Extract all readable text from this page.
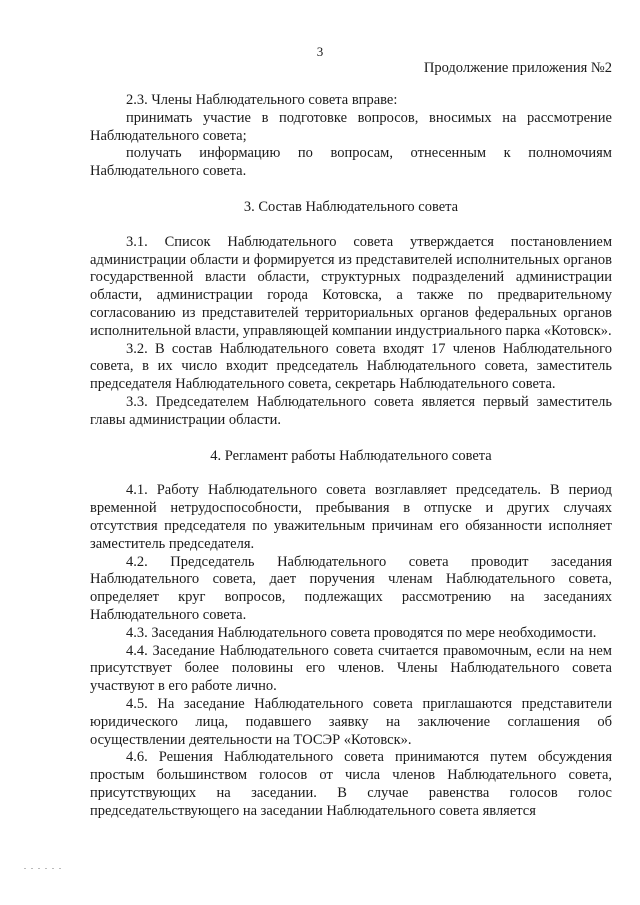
3
Продолжение приложения №2

2.3. Члены Наблюдательного совета вправе:

принимать участие в подготовке вопросов, вносимых на рассмотрение Наблюдательного совета;

получать информацию по вопросам, отнесенным к полномочиям Наблюдательного совета.

3. Состав Наблюдательного совета

3.1. Список Наблюдательного совета утверждается постановлением администрации области и формируется из представителей исполнительных органов государственной власти области, структурных подразделений администрации области, администрации города Котовска, а также по предварительному согласованию из представителей территориальных органов федеральных органов исполнительной власти, управляющей компании индустриального парка «Котовск».

3.2. В состав Наблюдательного совета входят 17 членов Наблюдательного совета, в их число входит председатель Наблюдательного совета, заместитель председателя Наблюдательного совета, секретарь Наблюдательного совета.

3.3. Председателем Наблюдательного совета является первый заместитель главы администрации области.

4. Регламент работы Наблюдательного совета

4.1. Работу Наблюдательного совета возглавляет председатель. В период временной нетрудоспособности, пребывания в отпуске и других случаях отсутствия председателя по уважительным причинам его обязанности исполняет заместитель председателя.

4.2. Председатель Наблюдательного совета проводит заседания Наблюдательного совета, дает поручения членам Наблюдательного совета, определяет круг вопросов, подлежащих рассмотрению на заседаниях Наблюдательного совета.

4.3. Заседания Наблюдательного совета проводятся по мере необходимости.

4.4. Заседание Наблюдательного совета считается правомочным, если на нем присутствует более половины его членов. Члены Наблюдательного совета участвуют в его работе лично.

4.5. На заседание Наблюдательного совета приглашаются представители юридического лица, подавшего заявку на заключение соглашения об осуществлении деятельности на ТОСЭР «Котовск».

4.6. Решения Наблюдательного совета принимаются путем обсуждения простым большинством голосов от числа членов Наблюдательного совета, присутствующих на заседании. В случае равенства голосов голос председательствующего на заседании Наблюдательного совета является
